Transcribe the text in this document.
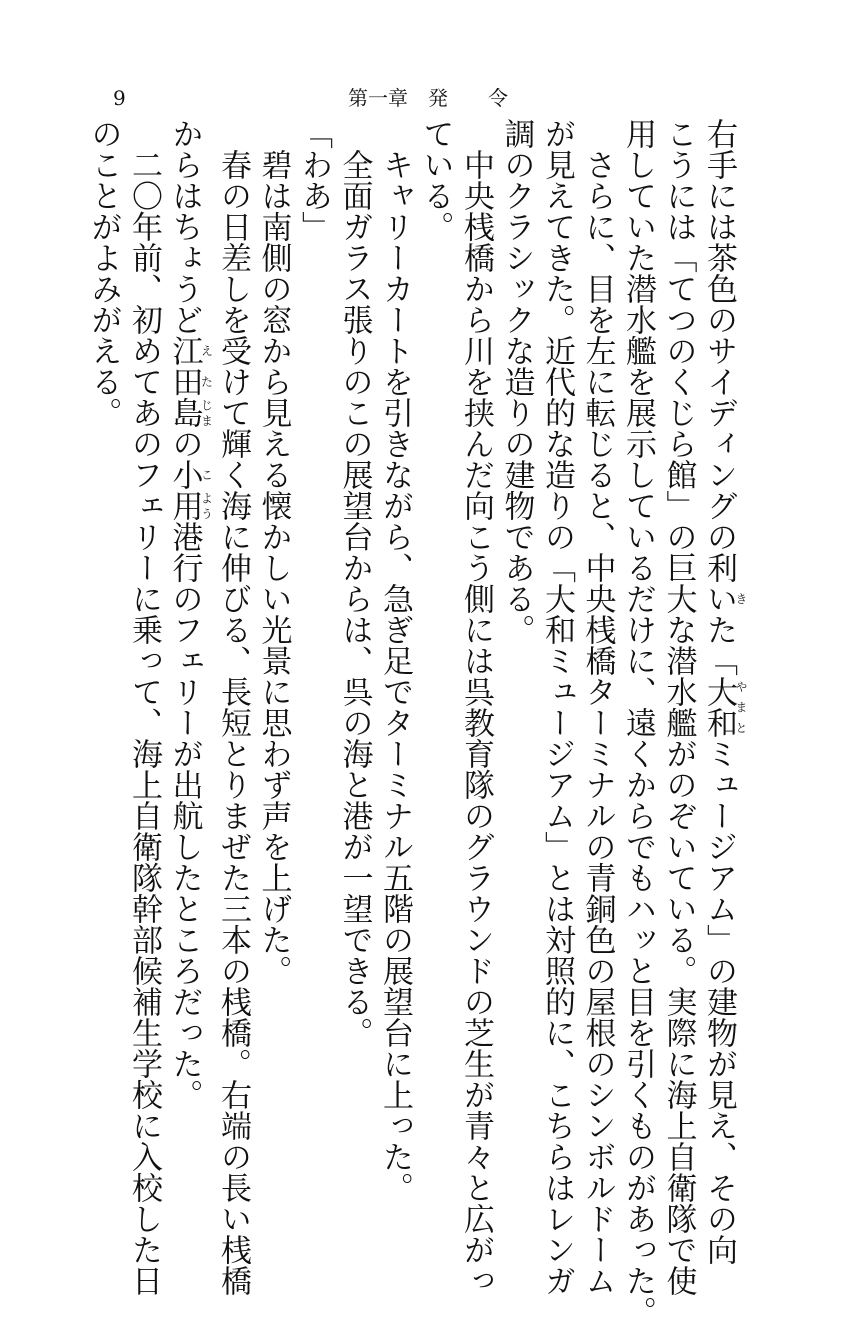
9	第一章　発　　令
右手には茶色のサイディングの利いきた「大和やまとミュージアム」の建物が見え、その向
こうには「てつのくじら館」の巨大な潜水艦がのぞいている。実際に海上自衛隊で使
用していた潜水艦を展示しているだけに、遠くからでもハッと目を引くものがあった。
　さらに、目を左に転じると、中央桟橋ターミナルの青銅色の屋根のシンボルドーム
が見えてきた。近代的な造りの「大和ミュージアム」とは対照的に、こちらはレンガ
調のクラシックな造りの建物である。
　中央桟橋から川を挟んだ向こう側には呉教育隊のグラウンドの芝生が青々と広がっ
ている。
　キャリーカートを引きながら、急ぎ足でターミナル五階の展望台に上った。
　全面ガラス張りのこの展望台からは、呉の海と港が一望できる。
「わあ」
　碧は南側の窓から見える懐かしい光景に思わず声を上げた。
　春の日差しを受けて輝く海に伸びる、長短とりまぜた三本の桟橋。右端の長い桟橋
からはちょうど江え田た島じまの小こ用よう港行のフェリーが出航したところだった。
　二〇年前、初めてあのフェリーに乗って、海上自衛隊幹部候補生学校に入校した日
のことがよみがえる。
